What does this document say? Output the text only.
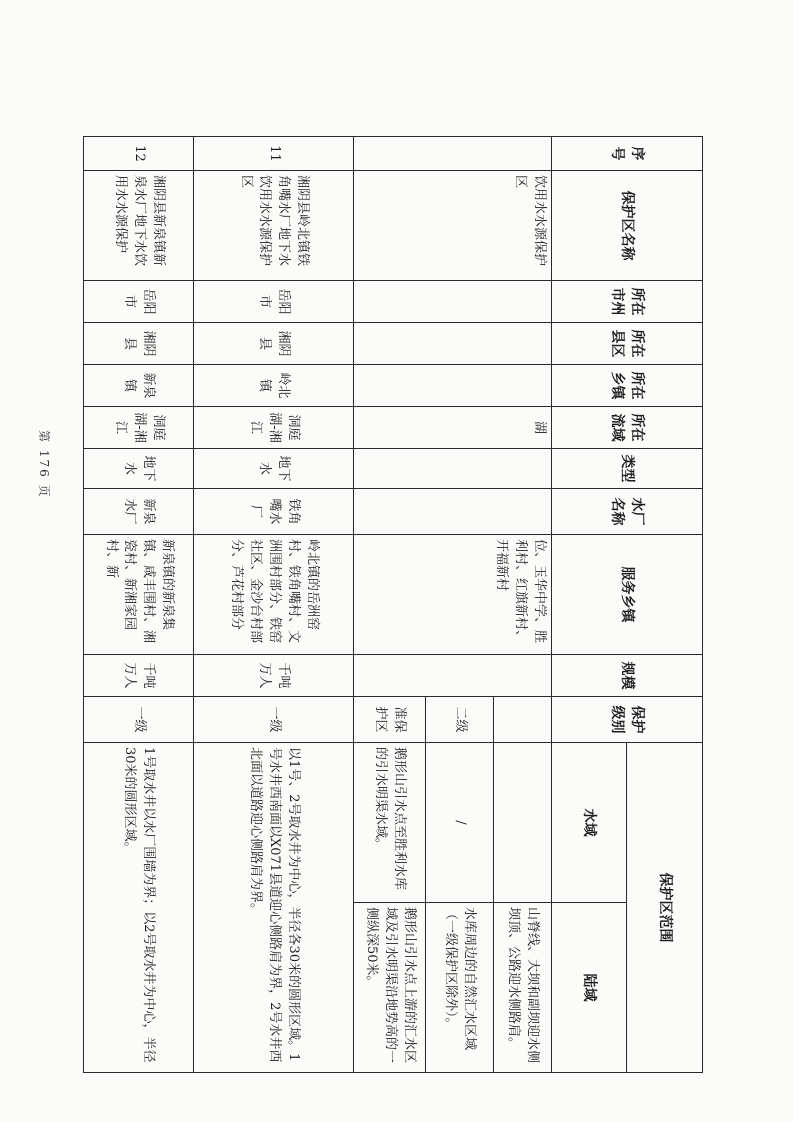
序号	保护区名称	所在市州	所在县区	所在乡镇	所在流域	类型	水厂名称	服务乡镇	规模	保护级别	保护区范围	
											水域	陆域
	饮用水水源保护区				湖			位、玉华中学、胜利村、红旗新村、开福新村				山脊线、大坝和副坝迎水侧坝顶、公路迎水侧路肩。
										二级	/	水库周边的自然汇水区域（一级保护区除外）。
										准保护区	鹅形山引水点至胜利水库的引水明渠水域。	鹅形山引水点上游的汇水区域及引水明渠沿地势高的一侧纵深50米。
11	湘阴县岭北镇铁角嘴水厂地下水饮用水水源保护区	岳阳市	湘阴县	岭北镇	洞庭湖-湘江	地下水	铁角嘴水厂	岭北镇的岳洲窑村、铁角嘴村、文洲围村部分、铁窑社区、金沙台村部分、芦花村部分	千吨万人	一级	以1号、2号取水井为中心，半径各30米的圆形区域。1号水井西南面以X071县道迎心侧路肩为界，2号水井西北面以道路迎心侧路肩为界。	
12	湘阴县新泉镇新泉水厂地下水饮用水水源保护	岳阳市	湘阴县	新泉镇	洞庭湖-湘江	地下水	新泉水厂	新泉镇的新泉集镇、咸丰围村、湘瓷村、新湘家园村、新	千吨万人	一级	1号取水井以水厂围墙为界；以2号取水井为中心，半径30米的圆形区域。	
第 176 页
